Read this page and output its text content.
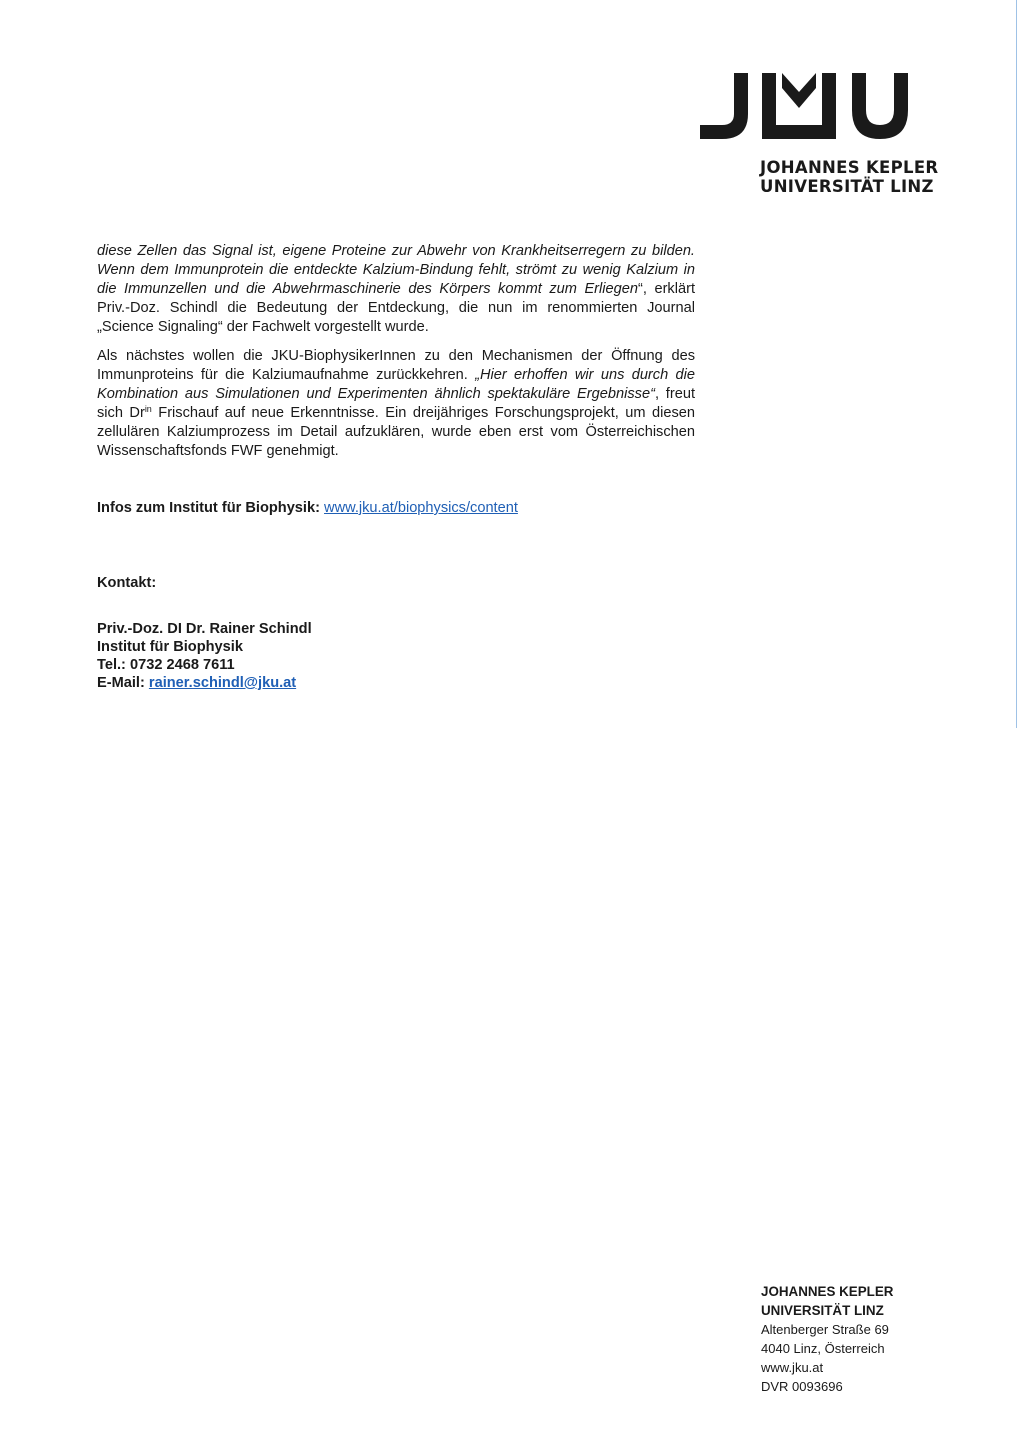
JOHANNES KEPLER
UNIVERSITÄT LINZ

diese Zellen das Signal ist, eigene Proteine zur Abwehr von Krankheitserregern zu bilden. Wenn dem Immunprotein die entdeckte Kalzium-Bindung fehlt, strömt zu wenig Kalzium in die Immunzellen und die Abwehrmaschinerie des Körpers kommt zum Erliegen“, erklärt Priv.-Doz. Schindl die Bedeutung der Entdeckung, die nun im renommierten Journal „Science Signaling“ der Fachwelt vorgestellt wurde.

Als nächstes wollen die JKU-BiophysikerInnen zu den Mechanismen der Öffnung des Immunproteins für die Kalziumaufnahme zurückkehren. „Hier erhoffen wir uns durch die Kombination aus Simulationen und Experimenten ähnlich spektakuläre Ergebnisse“, freut sich $Dr^{in}$ Frischauf auf neue Erkenntnisse. Ein dreijähriges Forschungsprojekt, um diesen zellulären Kalziumprozess im Detail aufzuklären, wurde eben erst vom Österreichischen Wissenschaftsfonds FWF genehmigt.

Infos zum Institut für Biophysik: www.jku.at/biophysics/content
Kontakt:
Priv.-Doz. DI Dr. Rainer Schindl
Institut für Biophysik
Tel.: 0732 2468 7611
E-Mail: rainer.schindl@jku.at
JOHANNES KEPLER
UNIVERSITÄT LINZ
Altenberger Straße 69
4040 Linz, Österreich
www.jku.at
DVR 0093696
